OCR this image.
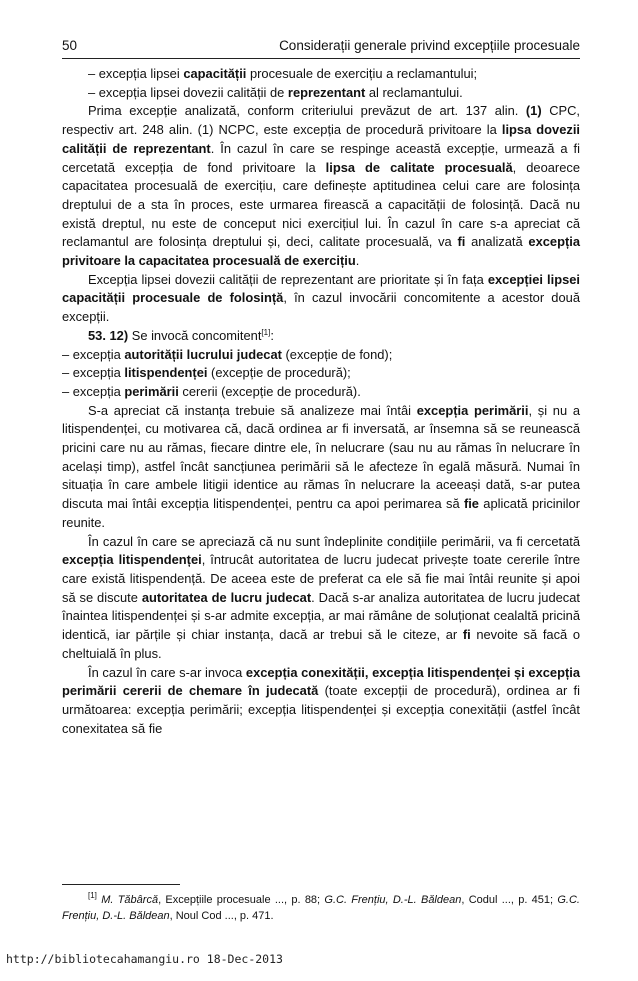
50	Considerații generale privind excepțiile procesuale

– excepția lipsei capacității procesuale de exercițiu a reclamantului;

– excepția lipsei dovezii calității de reprezentant al reclamantului.

Prima excepție analizată, conform criteriului prevăzut de art. 137 alin. (1) CPC, respectiv art. 248 alin. (1) NCPC, este excepția de procedură privitoare la lipsa dovezii calității de reprezentant. În cazul în care se respinge această excepție, urmează a fi cercetată excepția de fond privitoare la lipsa de calitate procesuală, deoarece capacitatea procesuală de exercițiu, care definește aptitudinea celui care are folosința dreptului de a sta în proces, este urmarea firească a capacității de folosință. Dacă nu există dreptul, nu este de conceput nici exercițiul lui. În cazul în care s-a apreciat că reclamantul are folosința dreptului și, deci, calitate procesuală, va fi analizată excepția privitoare la capacitatea procesuală de exercițiu.

Excepția lipsei dovezii calității de reprezentant are prioritate și în fața excepției lipsei capacității procesuale de folosință, în cazul invocării concomitente a acestor două excepții.

53. 12) Se invocă concomitent[1]:

– excepția autorității lucrului judecat (excepție de fond);

– excepția litispendenței (excepție de procedură);

– excepția perimării cererii (excepție de procedură).

S-a apreciat că instanța trebuie să analizeze mai întâi excepția perimării, și nu a litispendenței, cu motivarea că, dacă ordinea ar fi inversată, ar însemna să se reunească pricini care nu au rămas, fiecare dintre ele, în nelucrare (sau nu au rămas în nelucrare în același timp), astfel încât sancțiunea perimării să le afecteze în egală măsură. Numai în situația în care ambele litigii identice au rămas în nelucrare la aceeași dată, s-ar putea discuta mai întâi excepția litispendenței, pentru ca apoi perimarea să fie aplicată pricinilor reunite.

În cazul în care se apreciază că nu sunt îndeplinite condițiile perimării, va fi cercetată excepția litispendenței, întrucât autoritatea de lucru judecat privește toate cererile între care există litispendență. De aceea este de preferat ca ele să fie mai întâi reunite și apoi să se discute autoritatea de lucru judecat. Dacă s-ar analiza autoritatea de lucru judecat înaintea litispendenței și s-ar admite excepția, ar mai rămâne de soluționat cealaltă pricină identică, iar părțile și chiar instanța, dacă ar trebui să le citeze, ar fi nevoite să facă o cheltuială în plus.

În cazul în care s-ar invoca excepția conexității, excepția litispendenței și excepția perimării cererii de chemare în judecată (toate excepții de procedură), ordinea ar fi următoarea: excepția perimării; excepția litispendenței și excepția conexității (astfel încât conexitatea să fie

[1] M. Tăbârcă, Excepțiile procesuale ..., p. 88; G.C. Frențiu, D.-L. Băldean, Codul ..., p. 451; G.C. Frențiu, D.-L. Băldean, Noul Cod ..., p. 471.

http://bibliotecahamangiu.ro 18-Dec-2013
